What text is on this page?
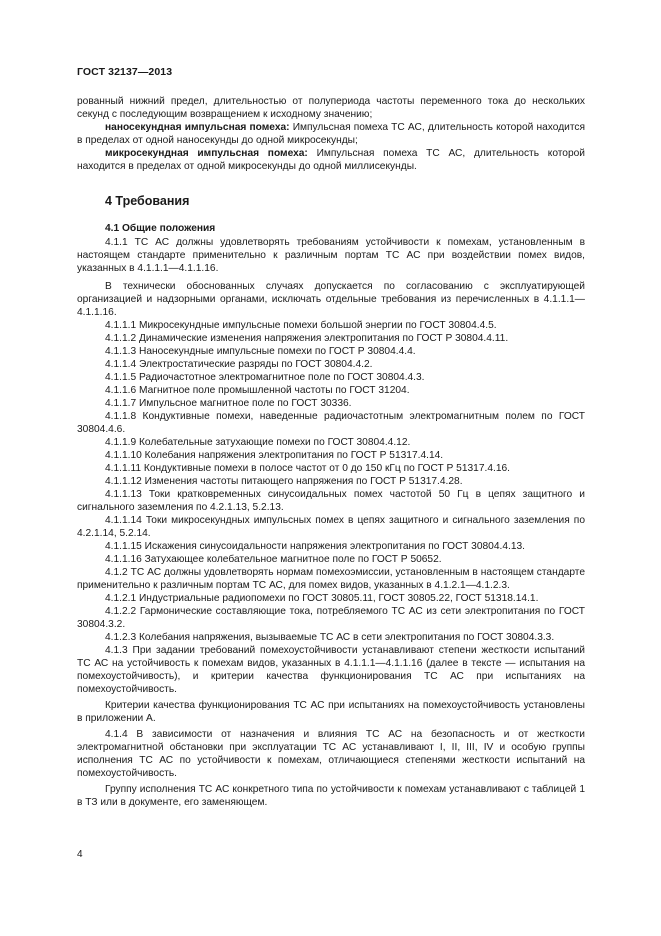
ГОСТ 32137—2013

рованный нижний предел, длительностью от полупериода частоты переменного тока до нескольких секунд с последующим возвращением к исходному значению;

наносекундная импульсная помеха: Импульсная помеха ТС АС, длительность которой находится в пределах от одной наносекунды до одной микросекунды;

микросекундная импульсная помеха: Импульсная помеха ТС АС, длительность которой находится в пределах от одной микросекунды до одной миллисекунды.

4 Требования

4.1 Общие положения

4.1.1 ТС АС должны удовлетворять требованиям устойчивости к помехам, установленным в настоящем стандарте применительно к различным портам ТС АС при воздействии помех видов, указанных в 4.1.1.1—4.1.1.16.

В технически обоснованных случаях допускается по согласованию с эксплуатирующей организацией и надзорными органами, исключать отдельные требования из перечисленных в 4.1.1.1—4.1.1.16.

4.1.1.1 Микросекундные импульсные помехи большой энергии по ГОСТ 30804.4.5.

4.1.1.2 Динамические изменения напряжения электропитания по ГОСТ Р 30804.4.11.

4.1.1.3 Наносекундные импульсные помехи по ГОСТ Р 30804.4.4.

4.1.1.4 Электростатические разряды по ГОСТ 30804.4.2.

4.1.1.5 Радиочастотное электромагнитное поле по ГОСТ 30804.4.3.

4.1.1.6 Магнитное поле промышленной частоты по ГОСТ 31204.

4.1.1.7 Импульсное магнитное поле по ГОСТ 30336.

4.1.1.8 Кондуктивные помехи, наведенные радиочастотным электромагнитным полем по ГОСТ 30804.4.6.

4.1.1.9 Колебательные затухающие помехи по ГОСТ 30804.4.12.

4.1.1.10 Колебания напряжения электропитания по ГОСТ Р 51317.4.14.

4.1.1.11 Кондуктивные помехи в полосе частот от 0 до 150 кГц по ГОСТ Р 51317.4.16.

4.1.1.12 Изменения частоты питающего напряжения по ГОСТ Р 51317.4.28.

4.1.1.13 Токи кратковременных синусоидальных помех частотой 50 Гц в цепях защитного и сигнального заземления по 4.2.1.13, 5.2.13.

4.1.1.14 Токи микросекундных импульсных помех в цепях защитного и сигнального заземления по 4.2.1.14, 5.2.14.

4.1.1.15 Искажения синусоидальности напряжения электропитания по ГОСТ 30804.4.13.

4.1.1.16 Затухающее колебательное магнитное поле по ГОСТ Р 50652.

4.1.2 ТС АС должны удовлетворять нормам помехоэмиссии, установленным в настоящем стандарте применительно к различным портам ТС АС, для помех видов, указанных в 4.1.2.1—4.1.2.3.

4.1.2.1 Индустриальные радиопомехи по ГОСТ 30805.11, ГОСТ 30805.22, ГОСТ 51318.14.1.

4.1.2.2 Гармонические составляющие тока, потребляемого ТС АС из сети электропитания по ГОСТ 30804.3.2.

4.1.2.3 Колебания напряжения, вызываемые ТС АС в сети электропитания по ГОСТ 30804.3.3.

4.1.3 При задании требований помехоустойчивости устанавливают степени жесткости испытаний ТС АС на устойчивость к помехам видов, указанных в 4.1.1.1—4.1.1.16 (далее в тексте — испытания на помехоустойчивость), и критерии качества функционирования ТС АС при испытаниях на помехоустойчивость.

Критерии качества функционирования ТС АС при испытаниях на помехоустойчивость установлены в приложении А.

4.1.4 В зависимости от назначения и влияния ТС АС на безопасность и от жесткости электромагнитной обстановки при эксплуатации ТС АС устанавливают I, II, III, IV и особую группы исполнения ТС АС по устойчивости к помехам, отличающиеся степенями жесткости испытаний на помехоустойчивость.

Группу исполнения ТС АС конкретного типа по устойчивости к помехам устанавливают с таблицей 1 в ТЗ или в документе, его заменяющем.

4
